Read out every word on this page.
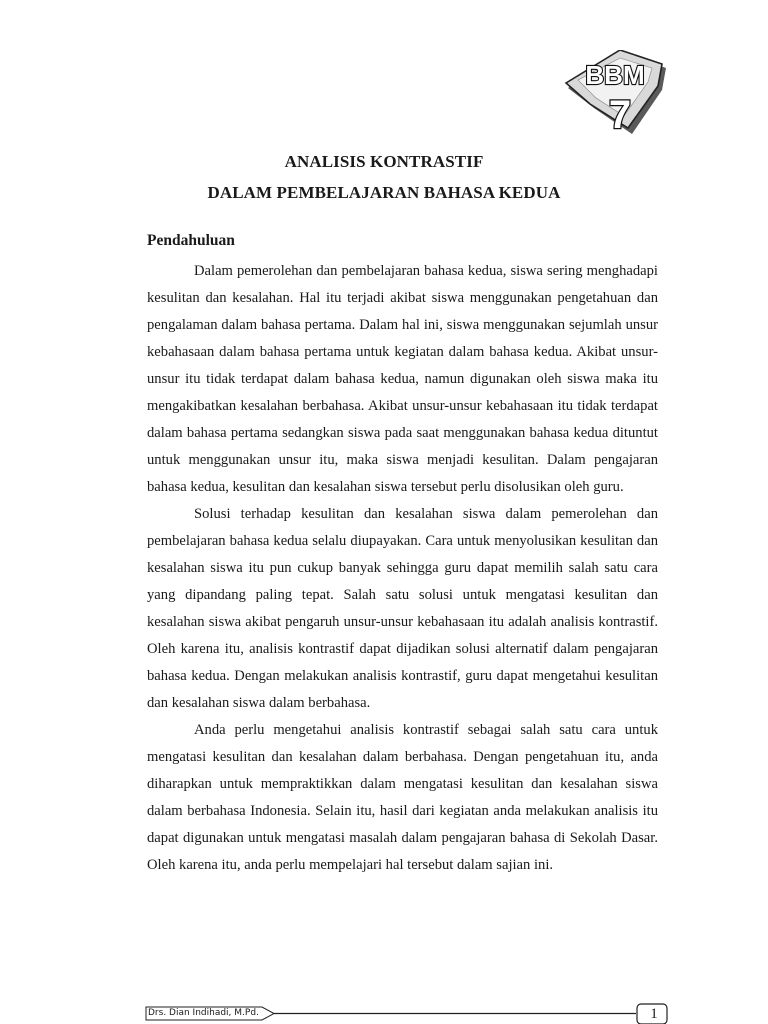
BBM
7
ANALISIS KONTRASTIF
DALAM PEMBELAJARAN BAHASA KEDUA
Pendahuluan

Dalam pemerolehan dan pembelajaran bahasa kedua, siswa sering menghadapi kesulitan dan kesalahan. Hal itu terjadi akibat siswa menggunakan pengetahuan dan pengalaman dalam bahasa pertama. Dalam hal ini, siswa menggunakan sejumlah unsur kebahasaan dalam bahasa pertama untuk kegiatan dalam bahasa kedua. Akibat unsur-unsur itu tidak terdapat dalam bahasa kedua, namun digunakan oleh siswa maka itu mengakibatkan kesalahan berbahasa. Akibat unsur-unsur kebahasaan itu tidak terdapat dalam bahasa pertama sedangkan siswa pada saat menggunakan bahasa kedua dituntut untuk menggunakan unsur itu, maka siswa menjadi kesulitan. Dalam pengajaran bahasa kedua, kesulitan dan kesalahan siswa tersebut perlu disolusikan oleh guru.

Solusi terhadap kesulitan dan kesalahan siswa dalam pemerolehan dan pembelajaran bahasa kedua selalu diupayakan. Cara untuk menyolusikan kesulitan dan kesalahan siswa itu pun cukup banyak sehingga guru dapat memilih salah satu cara yang dipandang paling tepat. Salah satu solusi untuk mengatasi kesulitan dan kesalahan siswa akibat pengaruh unsur-unsur kebahasaan itu adalah analisis kontrastif. Oleh karena itu, analisis kontrastif dapat dijadikan solusi alternatif dalam pengajaran bahasa kedua. Dengan melakukan analisis kontrastif, guru dapat mengetahui kesulitan dan kesalahan siswa dalam berbahasa.

Anda perlu mengetahui analisis kontrastif sebagai salah satu cara untuk mengatasi kesulitan dan kesalahan dalam berbahasa. Dengan pengetahuan itu, anda diharapkan untuk mempraktikkan dalam mengatasi kesulitan dan kesalahan siswa dalam berbahasa Indonesia. Selain itu, hasil dari kegiatan anda melakukan analisis itu dapat digunakan untuk mengatasi masalah dalam pengajaran bahasa di Sekolah Dasar. Oleh karena itu, anda perlu mempelajari hal tersebut dalam sajian ini.

Drs. Dian Indihadi, M.Pd.	1
